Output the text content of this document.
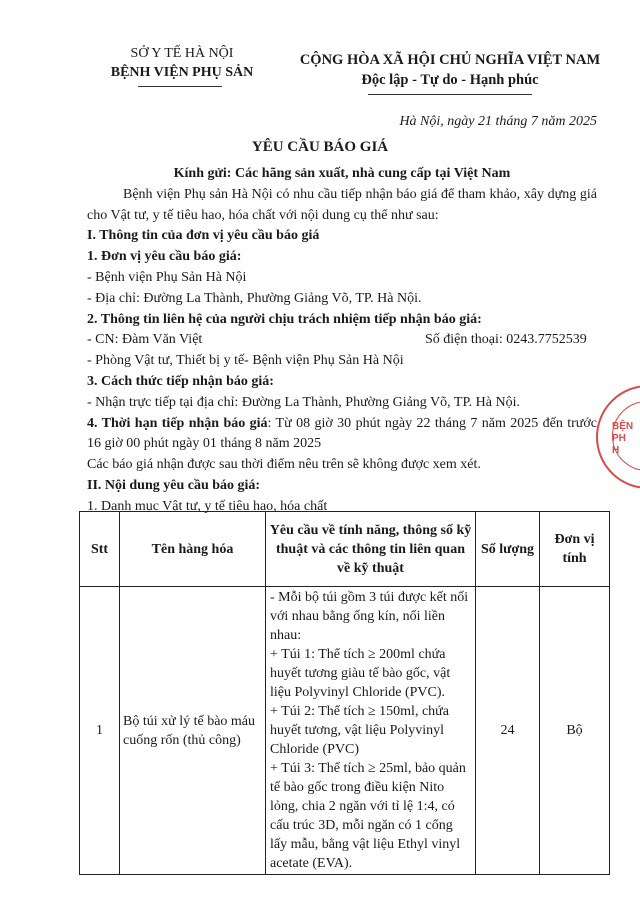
SỞ Y TẾ HÀ NỘI
BỆNH VIỆN PHỤ SẢN
CỘNG HÒA XÃ HỘI CHỦ NGHĨA VIỆT NAM
Độc lập - Tự do - Hạnh phúc
Hà Nội, ngày 21 tháng 7 năm 2025
YÊU CẦU BÁO GIÁ

Kính gửi: Các hãng sản xuất, nhà cung cấp tại Việt Nam

Bệnh viện Phụ sản Hà Nội có nhu cầu tiếp nhận báo giá để tham khảo, xây dựng giá cho Vật tư, y tế tiêu hao, hóa chất với nội dung cụ thể như sau:

I. Thông tin của đơn vị yêu cầu báo giá

1. Đơn vị yêu cầu báo giá:

- Bệnh viện Phụ Sản Hà Nội

- Địa chỉ: Đường La Thành, Phường Giảng Võ, TP. Hà Nội.

2. Thông tin liên hệ của người chịu trách nhiệm tiếp nhận báo giá:

- CN: Đàm Văn Việt	Số điện thoại: 0243.7752539

- Phòng Vật tư, Thiết bị y tế- Bệnh viện Phụ Sản Hà Nội

3. Cách thức tiếp nhận báo giá:

- Nhận trực tiếp tại địa chỉ: Đường La Thành, Phường Giảng Võ, TP. Hà Nội.

4. Thời hạn tiếp nhận báo giá: Từ 08 giờ 30 phút ngày 22 tháng 7 năm 2025 đến trước 16 giờ 00 phút ngày 01 tháng 8 năm 2025

Các báo giá nhận được sau thời điểm nêu trên sẽ không được xem xét.

II. Nội dung yêu cầu báo giá:

1. Danh mục Vật tư, y tế tiêu hao, hóa chất

Stt	Tên hàng hóa	Yêu cầu về tính năng, thông số kỹ thuật và các thông tin liên quan về kỹ thuật	Số lượng	Đơn vị tính
1	Bộ túi xử lý tế bào máu cuống rốn (thủ công)	- Mỗi bộ túi gồm 3 túi được kết nối với nhau bằng ống kín, nối liền nhau:
+ Túi 1: Thể tích ≥ 200ml chứa huyết tương giàu tế bào gốc, vật liệu Polyvinyl Chloride (PVC).
+ Túi 2: Thể tích ≥ 150ml, chứa huyết tương, vật liệu Polyvinyl Chloride (PVC)
+ Túi 3: Thể tích ≥ 25ml, bảo quản tế bào gốc trong điều kiện Nito lỏng, chia 2 ngăn với tỉ lệ 1:4, có cấu trúc 3D, mỗi ngăn có 1 cổng lấy mẫu, bằng vật liệu Ethyl vinyl acetate (EVA).	24	Bộ
BỆN
PH
H
